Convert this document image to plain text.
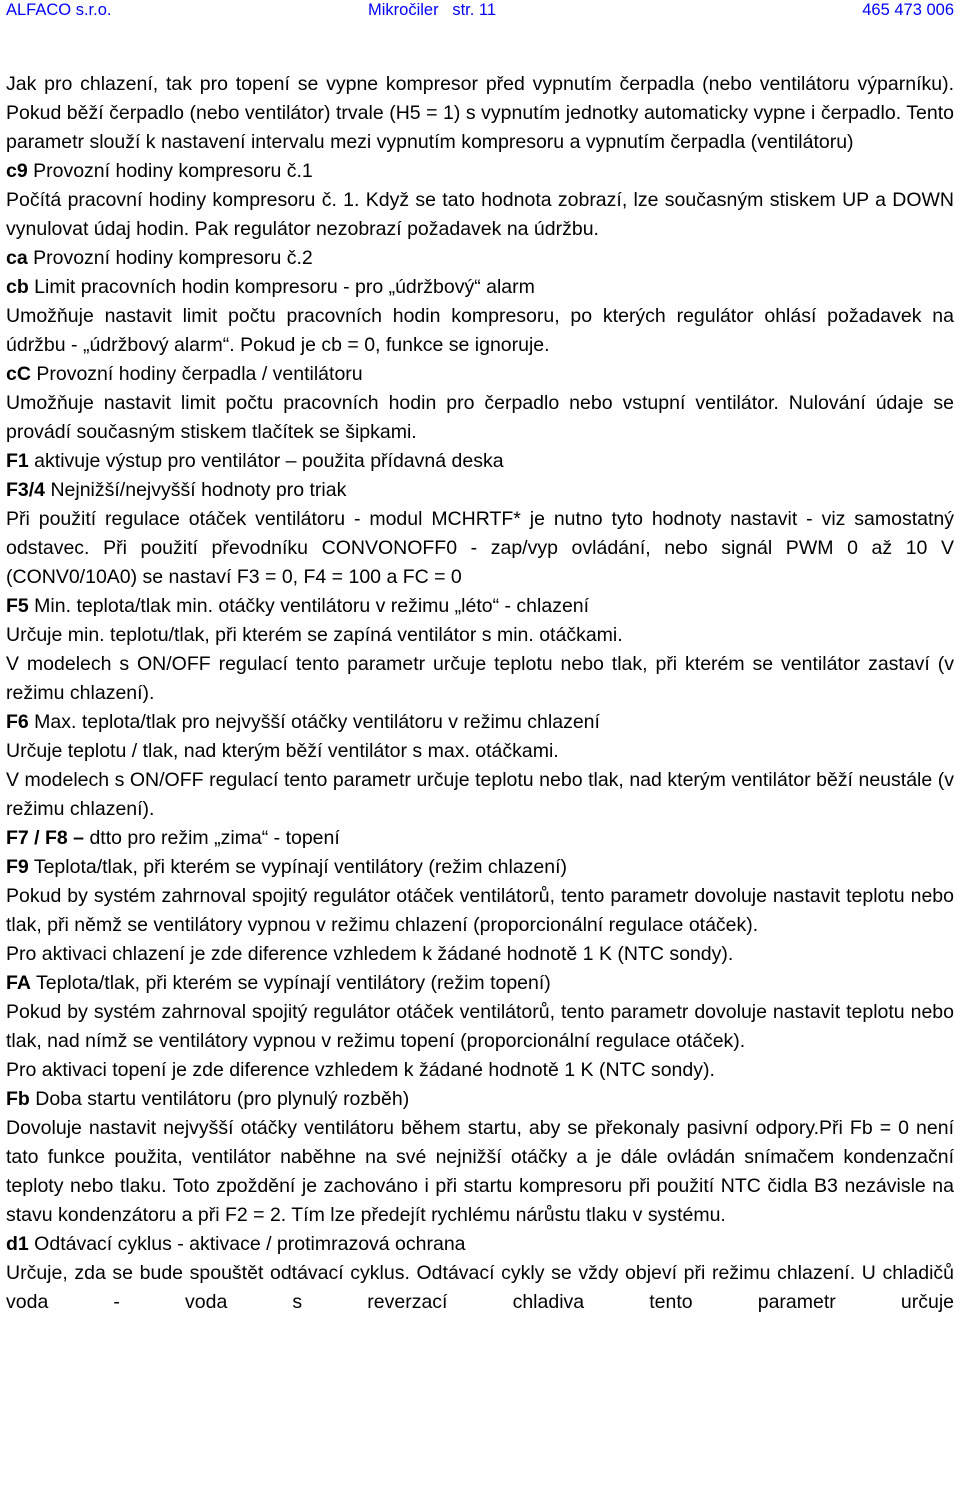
ALFACO s.r.o.	Mikročiler   str. 11	465 473 006

Jak pro chlazení, tak pro topení se vypne kompresor před vypnutím čerpadla (nebo ventilátoru výparníku). Pokud běží čerpadlo (nebo ventilátor) trvale (H5 = 1) s vypnutím jednotky automaticky vypne i čerpadlo. Tento parametr slouží k nastavení intervalu mezi vypnutím kompresoru a vypnutím čerpadla (ventilátoru)

c9 Provozní hodiny kompresoru č.1

Počítá pracovní hodiny kompresoru č. 1. Když se tato hodnota zobrazí, lze současným stiskem UP a DOWN vynulovat údaj hodin. Pak regulátor nezobrazí požadavek na údržbu.

ca Provozní hodiny kompresoru č.2

cb Limit pracovních hodin kompresoru - pro „údržbový“ alarm

Umožňuje nastavit limit počtu pracovních hodin kompresoru, po kterých regulátor ohlásí požadavek na údržbu - „údržbový alarm“. Pokud je cb = 0, funkce se ignoruje.

cC Provozní hodiny čerpadla / ventilátoru

Umožňuje nastavit limit počtu pracovních hodin pro čerpadlo nebo vstupní ventilátor. Nulování údaje se provádí současným stiskem tlačítek se šipkami.

F1 aktivuje výstup pro ventilátor – použita přídavná deska

F3/4 Nejnižší/nejvyšší hodnoty pro triak

Při použití regulace otáček ventilátoru - modul MCHRTF* je nutno tyto hodnoty nastavit - viz samostatný odstavec. Při použití převodníku CONVONOFF0 - zap/vyp ovládání, nebo signál PWM 0 až 10 V (CONV0/10A0) se nastaví F3 = 0, F4 = 100 a FC = 0

F5 Min. teplota/tlak min. otáčky ventilátoru v režimu „léto“ - chlazení

Určuje min. teplotu/tlak, při kterém se zapíná ventilátor s min. otáčkami.

V modelech s ON/OFF regulací tento parametr určuje teplotu nebo tlak, při kterém se ventilátor zastaví (v režimu chlazení).

F6 Max. teplota/tlak pro nejvyšší otáčky ventilátoru v režimu chlazení

Určuje teplotu / tlak, nad kterým běží ventilátor s max. otáčkami.

V modelech s ON/OFF regulací tento parametr určuje teplotu nebo tlak, nad kterým ventilátor běží neustále (v režimu chlazení).

F7 / F8 – dtto pro režim „zima“ - topení

F9 Teplota/tlak, při kterém se vypínají ventilátory (režim chlazení)

Pokud by systém zahrnoval spojitý regulátor otáček ventilátorů, tento parametr dovoluje nastavit teplotu nebo tlak, při němž se ventilátory vypnou v režimu chlazení (proporcionální regulace otáček).

Pro aktivaci chlazení je zde diference vzhledem k žádané hodnotě 1 K (NTC sondy).

FA Teplota/tlak, při kterém se vypínají ventilátory (režim topení)

Pokud by systém zahrnoval spojitý regulátor otáček ventilátorů, tento parametr dovoluje nastavit teplotu nebo tlak, nad nímž se ventilátory vypnou v režimu topení (proporcionální regulace otáček).

Pro aktivaci topení je zde diference vzhledem k žádané hodnotě 1 K (NTC sondy).

Fb Doba startu ventilátoru (pro plynulý rozběh)

Dovoluje nastavit nejvyšší otáčky ventilátoru během startu, aby se překonaly pasivní odpory.Při Fb = 0 není tato funkce použita, ventilátor naběhne na své nejnižší otáčky a je dále ovládán snímačem kondenzační teploty nebo tlaku. Toto zpoždění je zachováno i při startu kompresoru při použití NTC čidla B3 nezávisle na stavu kondenzátoru a při F2 = 2. Tím lze předejít rychlému nárůstu tlaku v systému.

d1 Odtávací cyklus - aktivace / protimrazová ochrana

Určuje, zda se bude spouštět odtávací cyklus. Odtávací cykly se vždy objeví při režimu chlazení. U chladičů voda - voda s reverzací chladiva tento parametr určuje
